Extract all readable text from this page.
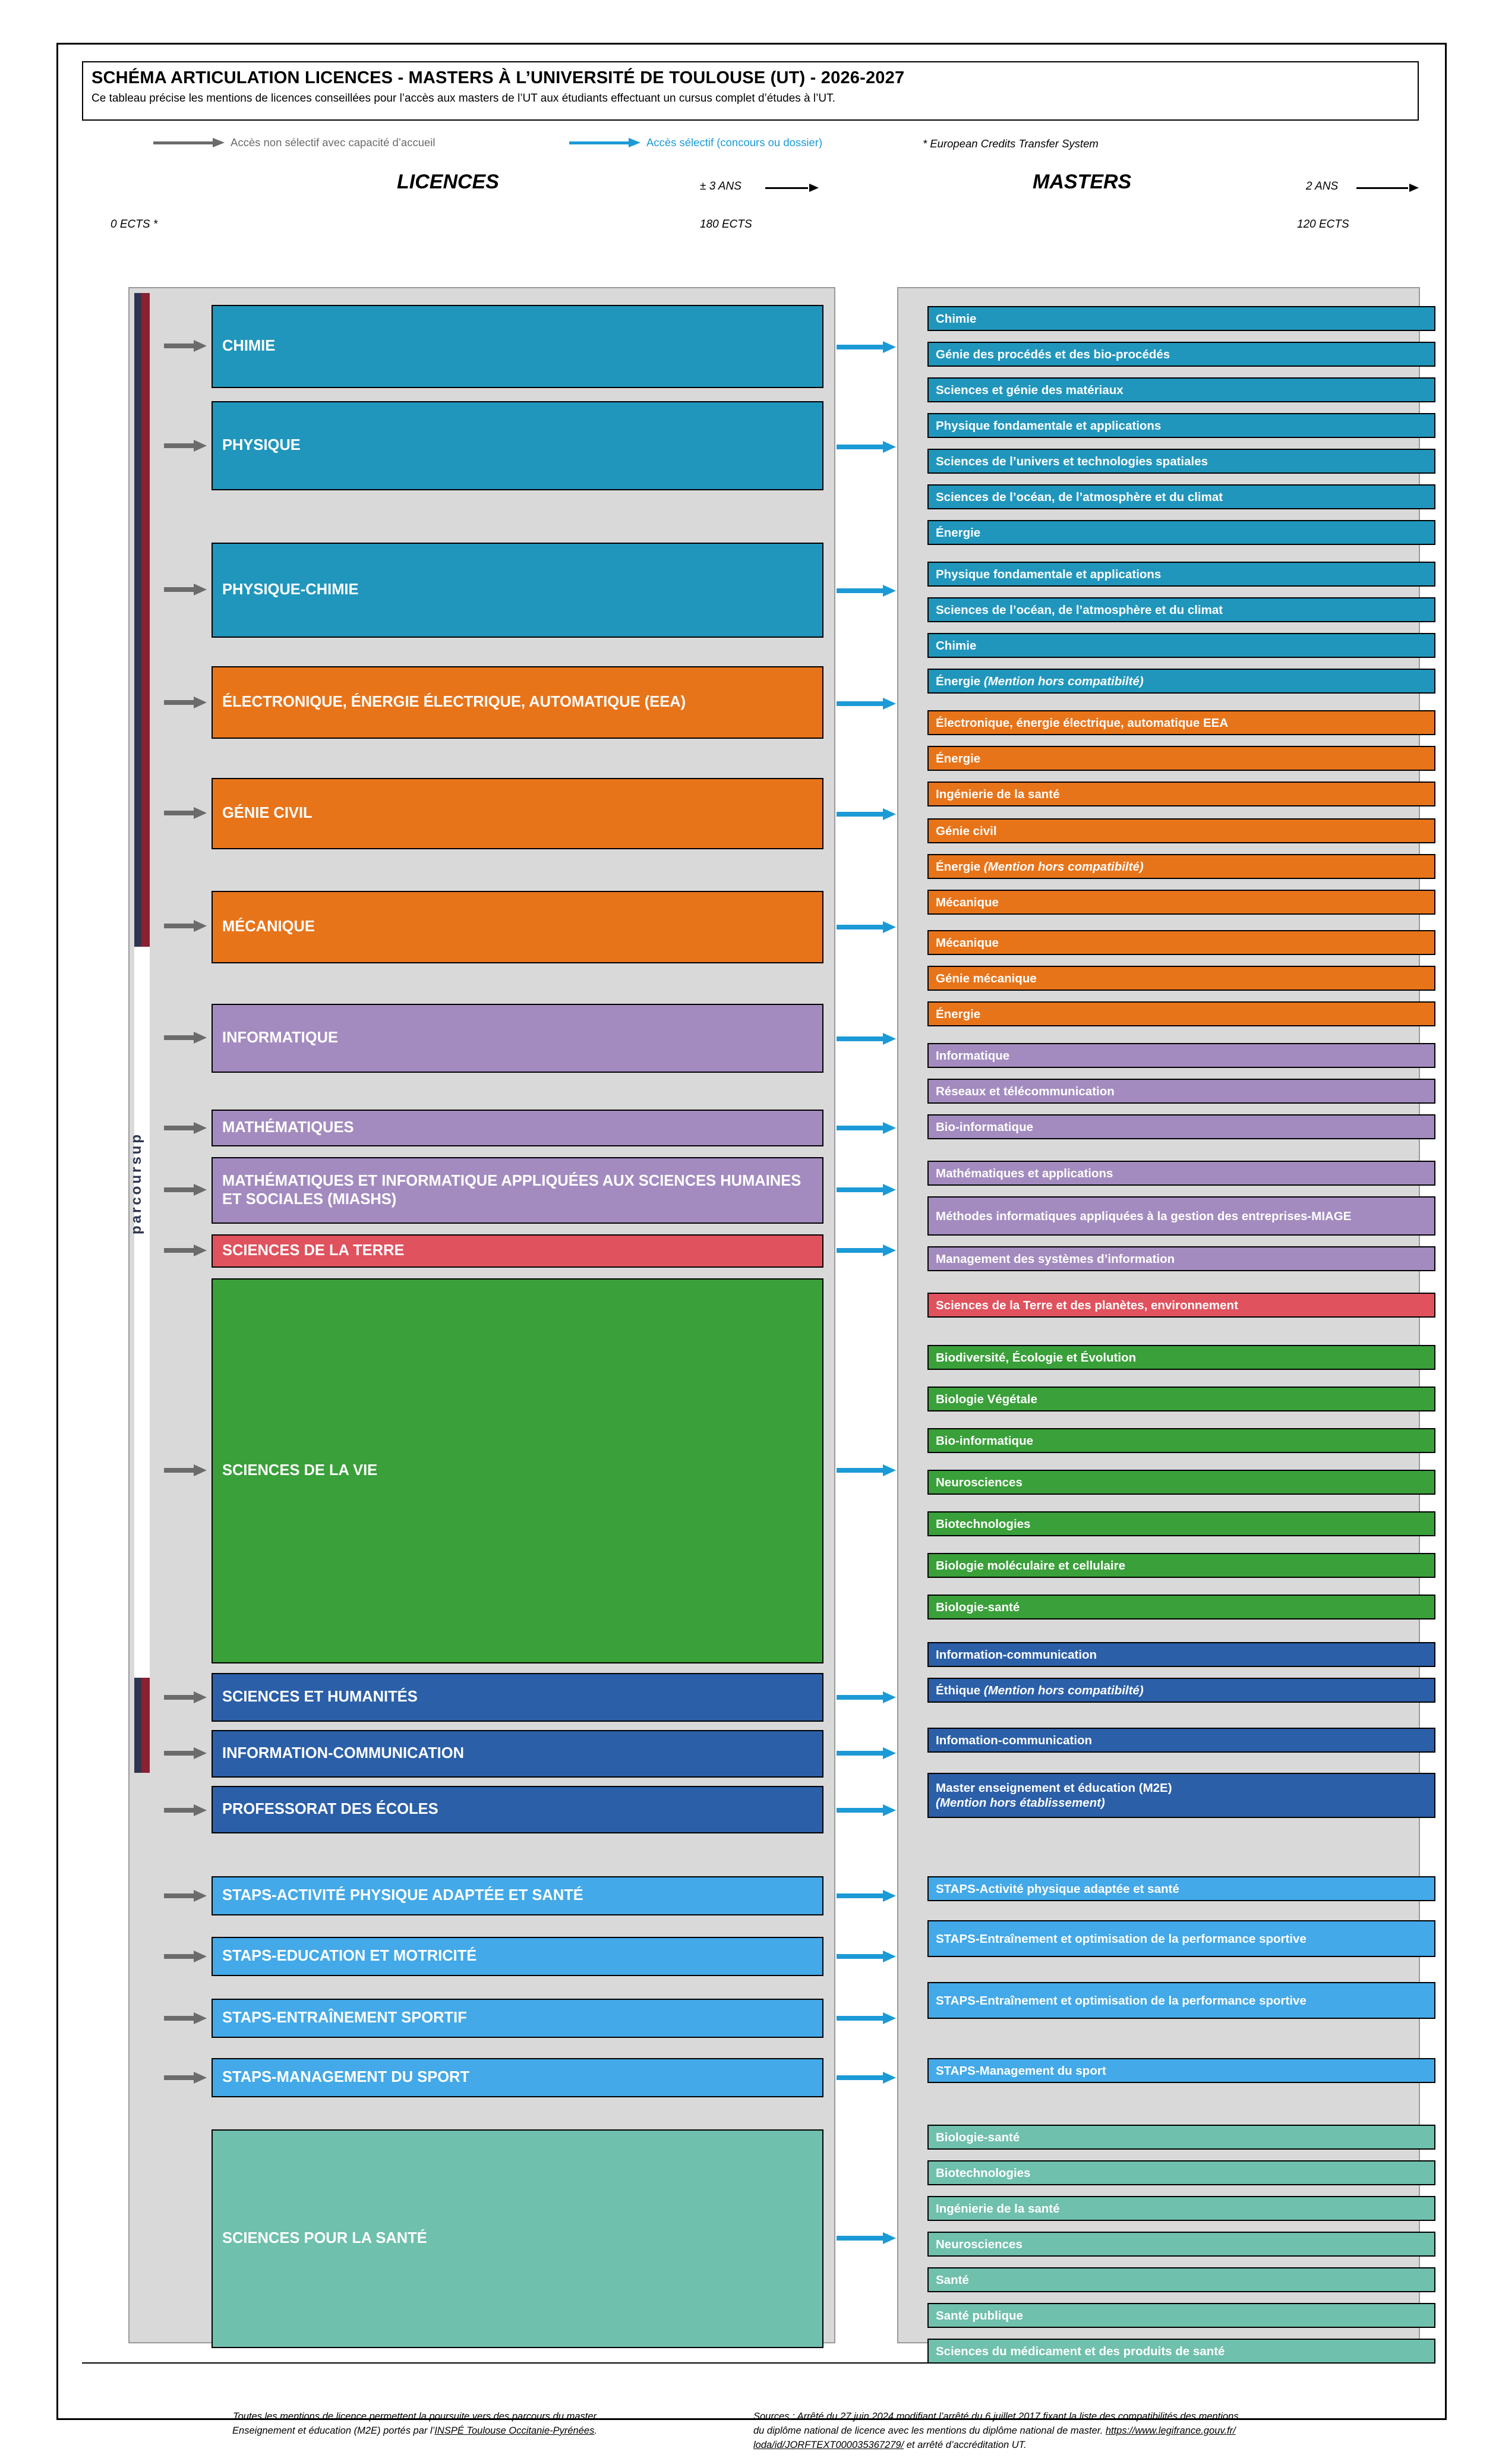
SCHÉMA ARTICULATION LICENCES - MASTERS À L’UNIVERSITÉ DE TOULOUSE (UT) - 2026-2027
Ce tableau précise les mentions de licences conseillées pour l’accès aux masters de l’UT aux étudiants effectuant un cursus complet d’études à l’UT.
Accès non sélectif avec capacité d’accueil	Accès sélectif (concours ou dossier)	* European Credits Transfer System
LICENCES	MASTERS
± 3 ANS	2 ANS
0 ECTS *	180 ECTS	120 ECTS
parcoursup
CHIMIE
PHYSIQUE
PHYSIQUE-CHIMIE
ÉLECTRONIQUE, ÉNERGIE ÉLECTRIQUE, AUTOMATIQUE (EEA)
GÉNIE CIVIL
MÉCANIQUE
INFORMATIQUE
MATHÉMATIQUES
MATHÉMATIQUES ET INFORMATIQUE APPLIQUÉES AUX SCIENCES HUMAINES ET SOCIALES (MIASHS)
SCIENCES DE LA TERRE
SCIENCES DE LA VIE
SCIENCES ET HUMANITÉS
INFORMATION-COMMUNICATION
PROFESSORAT DES ÉCOLES
STAPS-ACTIVITÉ PHYSIQUE ADAPTÉE ET SANTÉ
STAPS-EDUCATION ET MOTRICITÉ
STAPS-ENTRAÎNEMENT SPORTIF
STAPS-MANAGEMENT DU SPORT
SCIENCES POUR LA SANTÉ
Chimie
Génie des procédés et des bio-procédés
Sciences et génie des matériaux
Physique fondamentale et applications
Sciences de l’univers et technologies spatiales
Sciences de l’océan, de l’atmosphère et du climat
Énergie
Physique fondamentale et applications
Sciences de l’océan, de l’atmosphère et du climat
Chimie
Énergie
(Mention hors compatibilté)
Électronique, énergie électrique, automatique EEA
Énergie
Ingénierie de la santé
Génie civil
Énergie
(Mention hors compatibilté)
Mécanique
Mécanique
Génie mécanique
Énergie
Informatique
Réseaux et télécommunication
Bio-informatique
Mathématiques et applications
Méthodes informatiques appliquées à la gestion des entreprises-MIAGE
Management des systèmes d’information
Sciences de la Terre et des planètes, environnement
Biodiversité, Écologie et Évolution
Biologie Végétale
Bio-informatique
Neurosciences
Biotechnologies
Biologie moléculaire et cellulaire
Biologie-santé
Information-communication
Éthique
(Mention hors compatibilté)
Infomation-communication
Master enseignement et éducation (M2E)
(Mention hors établissement)
STAPS-Activité physique adaptée et santé
STAPS-Entraînement et optimisation de la performance sportive
STAPS-Entraînement et optimisation de la performance sportive
STAPS-Management du sport
Biologie-santé
Biotechnologies
Ingénierie de la santé
Neurosciences
Santé
Santé publique
Sciences du médicament et des produits de santé
Toutes les mentions de licence permettent la poursuite vers des parcours du master
Enseignement et éducation (M2E) portés par l’INSPÉ Toulouse Occitanie-Pyrénées.
Sources : Arrêté du 27 juin 2024 modifiant l’arrêté du 6 juillet 2017 fixant la liste des compatibilités des mentions
du diplôme national de licence avec les mentions du diplôme national de master. https://www.legifrance.gouv.fr/
loda/id/JORFTEXT000035367279/ et arrêté d’accréditation UT.
